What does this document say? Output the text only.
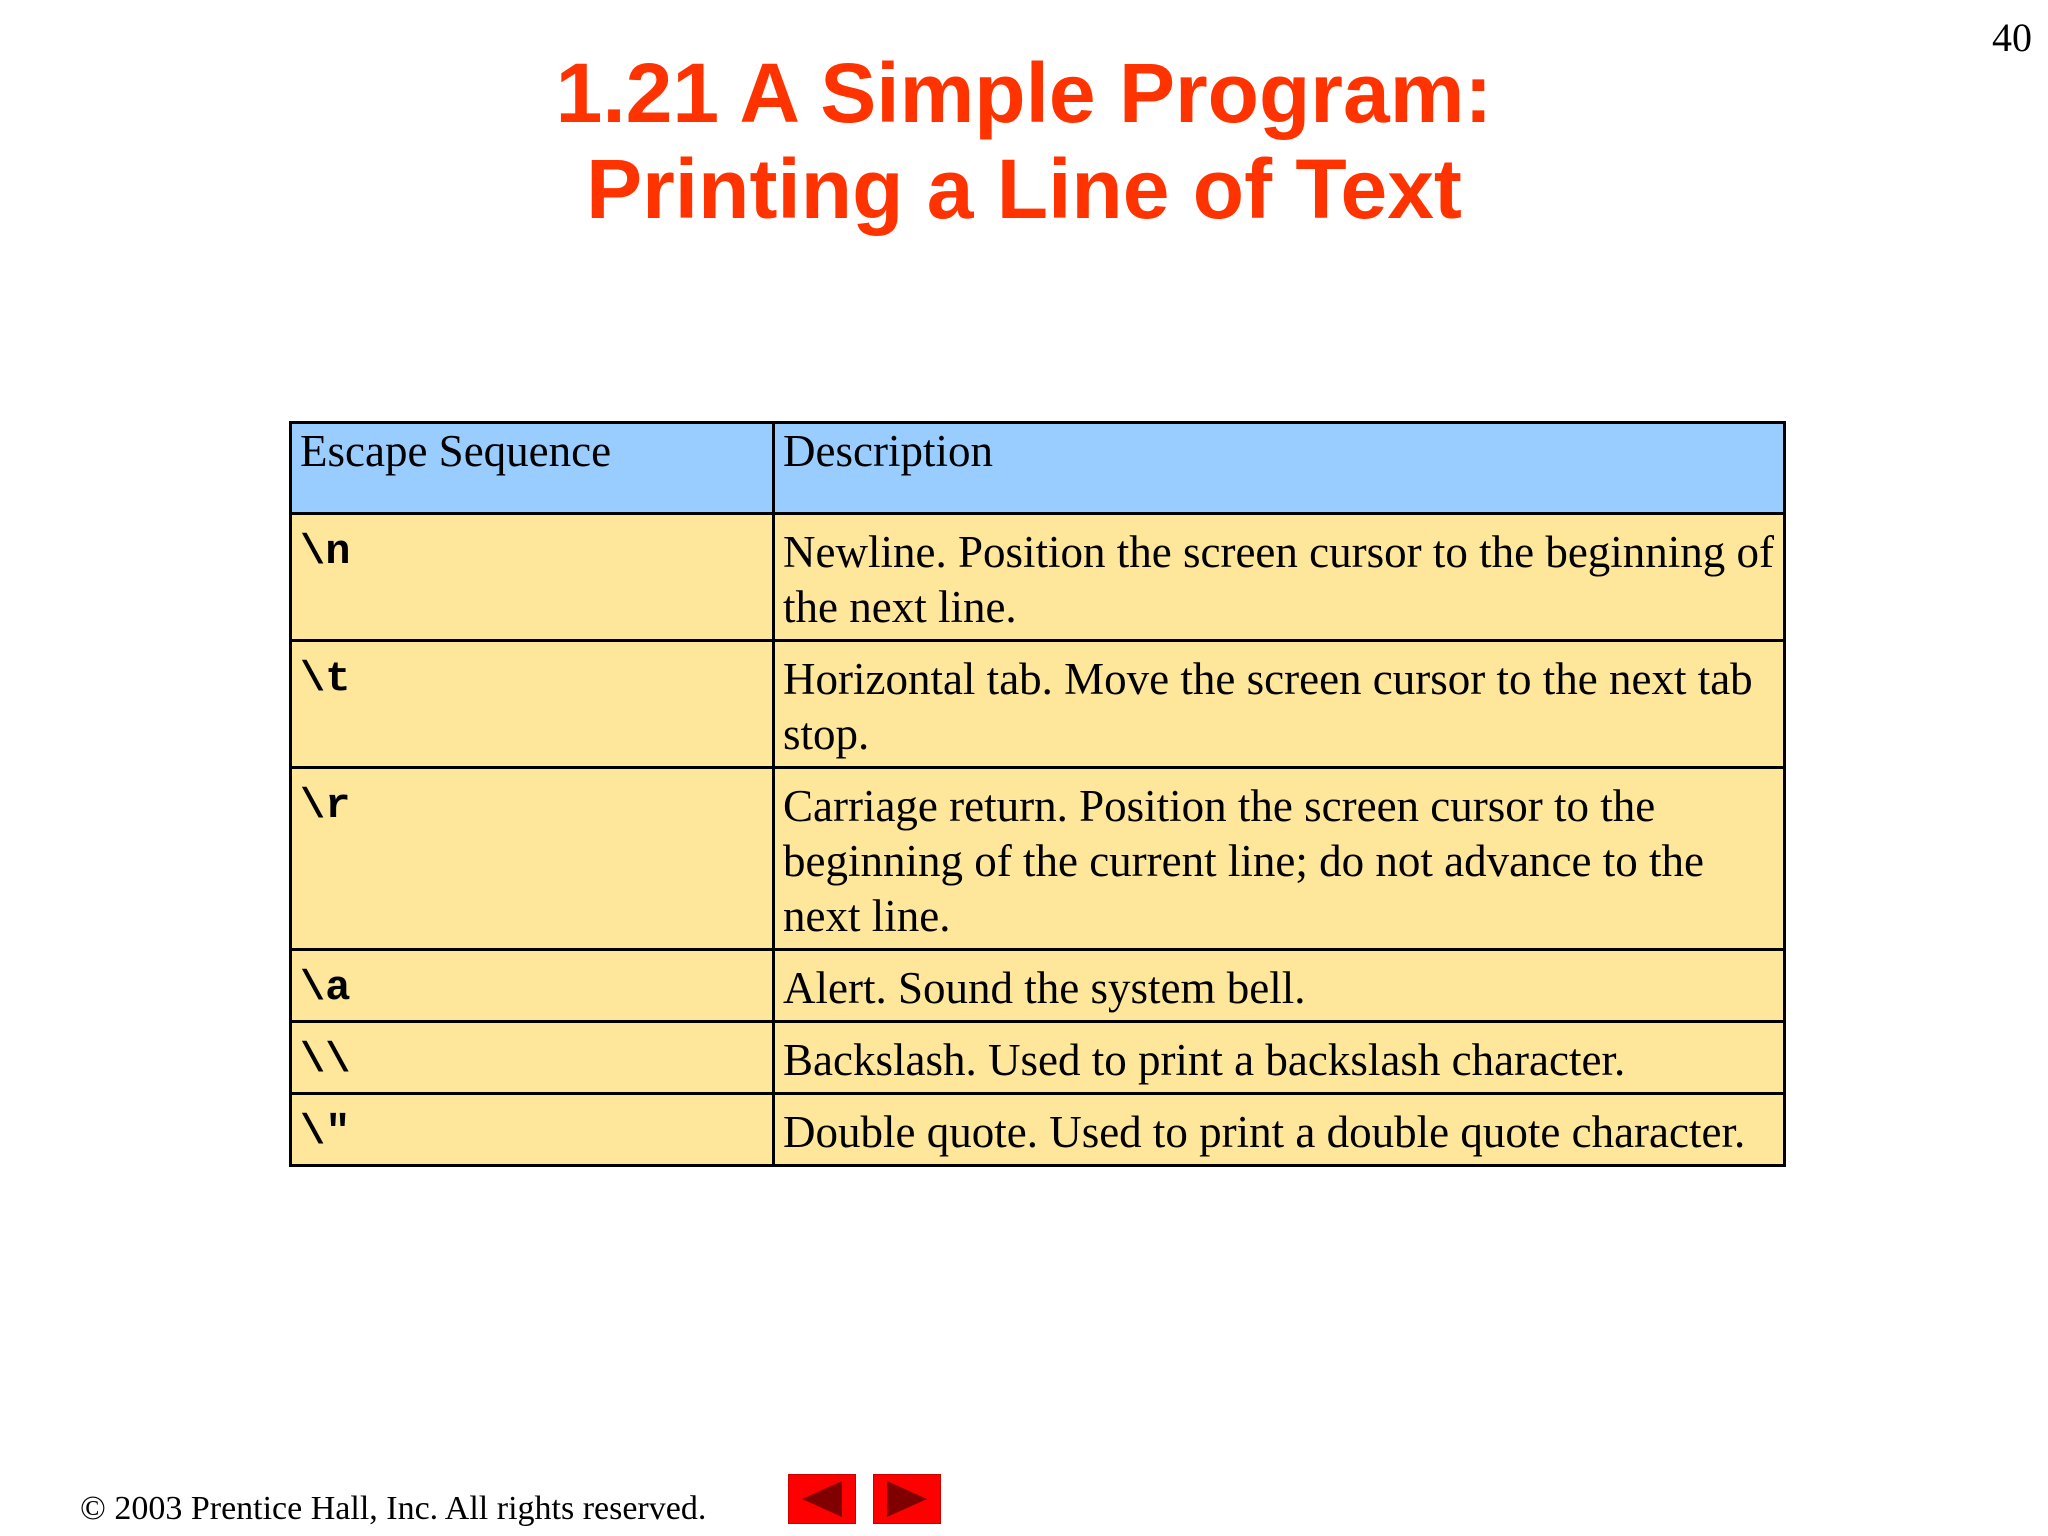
40
1.21 A Simple Program:
Printing a Line of Text
Escape Sequence	Description
\n	Newline. Position the screen cursor to the beginning of the next line.
\t	Horizontal tab. Move the screen cursor to the next tab stop.
\r	Carriage return. Position the screen cursor to the beginning of the current line; do not advance to the next line.
\a	Alert. Sound the system bell.
\\	Backslash. Used to print a backslash character.
\"	Double quote. Used to print a double quote character.
© 2003 Prentice Hall, Inc. All rights reserved.
